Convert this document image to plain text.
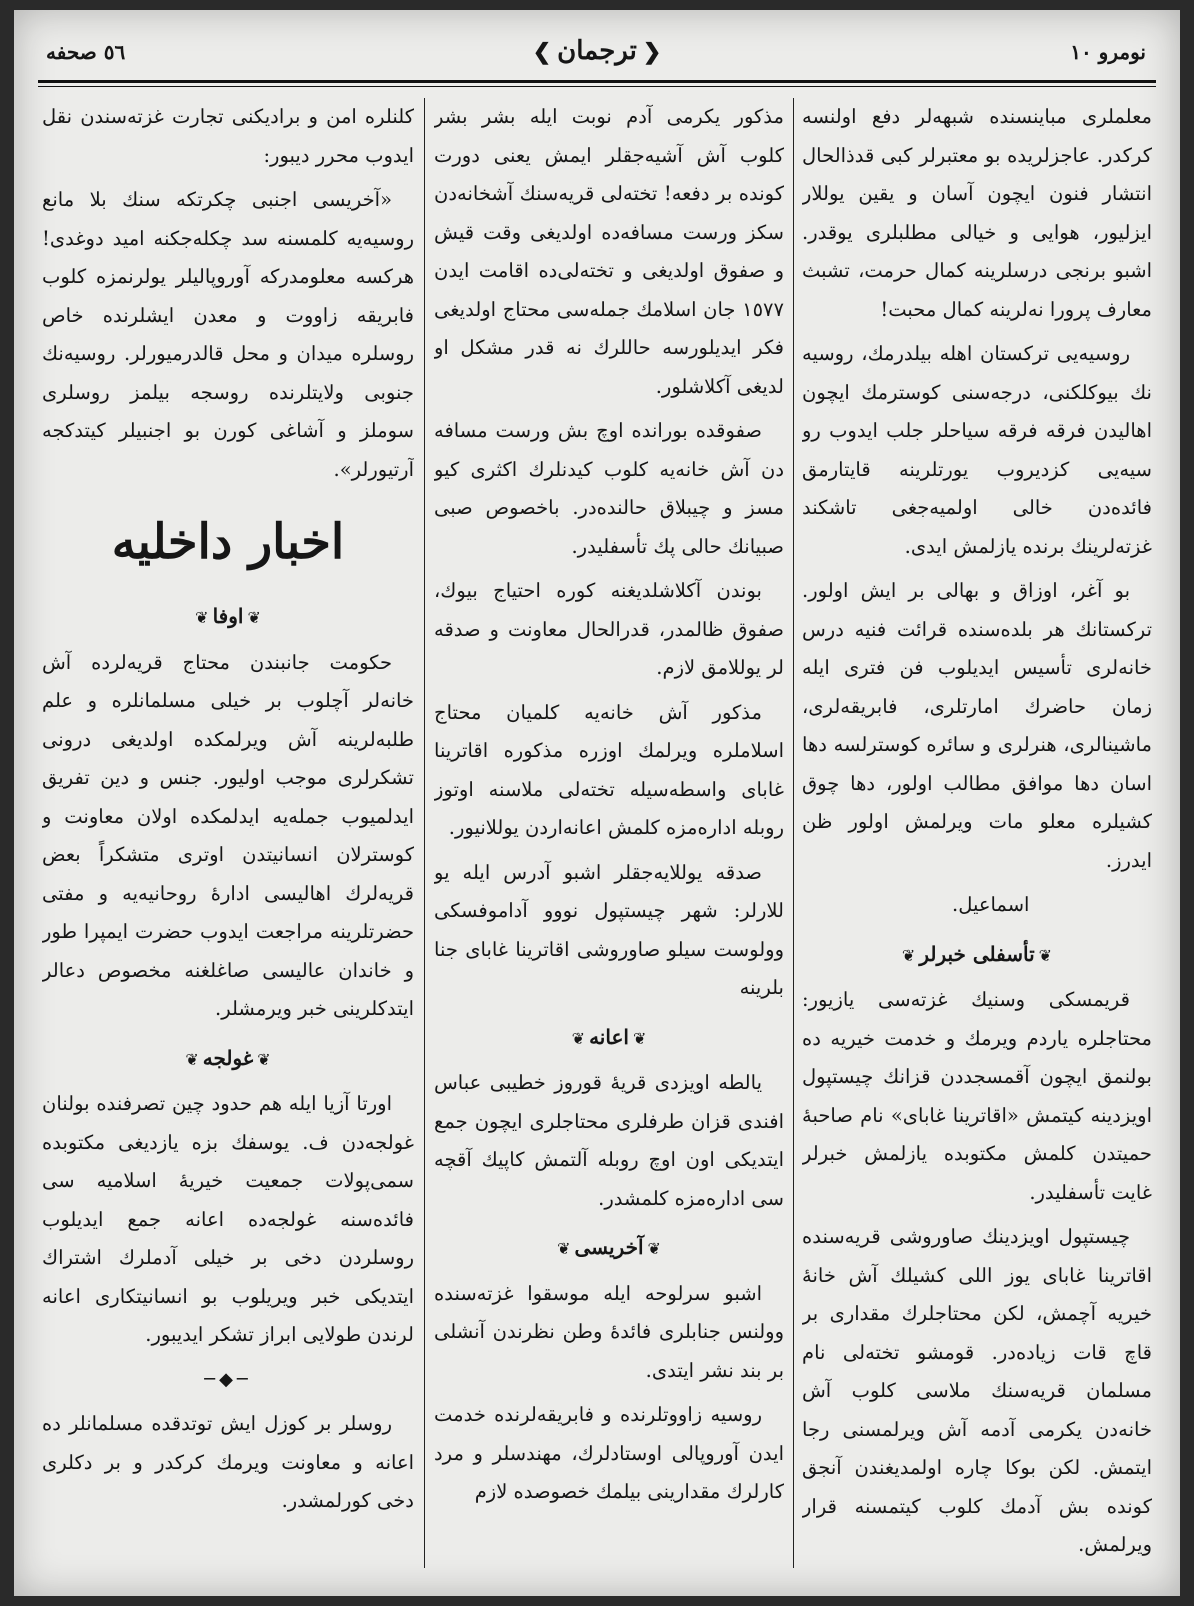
نومرو ١٠
❮ترجمان❯
٥٦ صحفه

معلملری مباینسنده شبهه‌لر دفع اولنسه کرکدر. عاجزلریده بو معتبرلر کبی قدذالحال انتشار فنون ایچون آسان و یقین یوللار ایزلیور، هوایی و خیالی مطلبلری یوقدر. اشبو برنجی درسلرینه کمال حرمت، تشبث معارف پرورا نه‌لرینه کمال محبت!

روسیه‌یی ترکستان اهله بیلدرمك، روسیه نك بیوکلکنی، درجه‌سنی کوسترمك ایچون اهالیدن فرقه فرقه سیاحلر جلب ایدوب رو سیه‌یی کزدیروب یورتلرینه قایتارمق فائده‌دن خالی اولمیه‌جغی تاشکند غزته‌لرینك برنده یازلمش ایدی.

بو آغر، اوزاق و بهالی بر ایش اولور. ترکستانك هر بلده‌سنده قرائت فنیه درس خانه‌لری تأسیس ایدیلوب فن فتری ایله زمان حاضرك امارتلری، فابریقه‌لری، ماشینالری، هنرلری و سائره کوسترلسه دها اسان دها موافق مطالب اولور، دها چوق کشیلره معلو مات ویرلمش اولور ظن ایدرز.

اسماعیل.
❦تأسفلی خبرلر❦

قریمسکی وسنیك غزته‌سی یازیور: محتاجلره یاردم ویرمك و خدمت خیریه ده بولنمق ایچون آقمسجددن قزانك چیستپول اویزدینه کیتمش «اقاترینا غابای» نام صاحبهٔ حمیتدن کلمش مکتوبده یازلمش خبرلر غایت تأسفلیدر.

چیستپول اویزدینك صاوروشی قریه‌سنده اقاترینا غابای یوز اللی کشیلك آش خانهٔ خیریه آچمش، لکن محتاجلرك مقداری بر قاچ قات زیاده‌در. قومشو تخته‌لی نام مسلمان قریه‌سنك ملاسی کلوب آش خانه‌دن یکرمی آدمه آش ویرلمسنی رجا ایتمش. لکن بوکا چاره اولمدیغندن آنجق کونده بش آدمك کلوب کیتمسنه قرار ویرلمش.

مذکور یکرمی آدم نوبت ایله بشر بشر کلوب آش آشیه‌جقلر ایمش یعنی دورت کونده بر دفعه! تخته‌لی قریه‌سنك آشخانه‌دن سکز ورست مسافه‌ده اولدیغی وقت قیش و صفوق اولدیغی و تخته‌لی‌ده اقامت ایدن ١٥٧٧ جان اسلامك جمله‌سی محتاج اولدیغی فکر ایدیلورسه حاللرك نه قدر مشکل او لدیغی آکلاشلور.

صفوقده بوراندە اوچ بش ورست مسافه دن آش خانه‌یه کلوب کیدنلرك اکثری کیو مسز و چیبلاق حالنده‌در. باخصوص صبی صبیانك حالی پك تأسفلیدر.

بوندن آکلاشلدیغنه کوره احتیاج بیوك، صفوق ظالمدر، قدرالحال معاونت و صدقه لر یوللامق لازم.

مذکور آش خانه‌یه کلمیان محتاج اسلاملره ویرلمك اوزره مذکوره اقاترینا غابای واسطه‌سیله تخته‌لی ملاسنه اوتوز روبله اداره‌مزه کلمش اعانه‌اردن یوللانیور.

صدقه یوللایه‌جقلر اشبو آدرس ایله یو للارلر: شهر چیستپول نووو آداموفسکی وولوست سیلو صاوروشی اقاترینا غابای جنا بلرینه

❦اعانه❦

یالطه اویزدی قریهٔ قوروز خطیبی عباس افندی قزان طرفلری محتاجلری ایچون جمع ایتدیکی اون اوچ روبله آلتمش کاپیك آقچه سی اداره‌مزه کلمشدر.

❦آخریسی❦

اشبو سرلوحه ایله موسقوا غزته‌سنده وولنس جنابلری فائدهٔ وطن نظرندن آنشلی بر بند نشر ایتدی.

روسیه زاووتلرنده و فابریقه‌لرنده خدمت ایدن آوروپالی اوستادلرك، مهندسلر و مرد کارلرك مقدارینی بیلمك خصوصده لازم

کلنلره امن و برادیکنی تجارت غزته‌سندن نقل ایدوب محرر دیبور:

«آخریسی اجنبی چکرتکه سنك بلا مانع روسیه‌یه کلمسنه سد چکله‌جکنه امید دوغدی! هرکسه معلومدرکه آوروپالیلر یولرنمزه کلوب فابریقه زاووت و معدن ایشلرنده خاص روسلره میدان و محل قالدرمیورلر. روسیه‌نك جنوبی ولایتلرنده روسجه بیلمز روسلری سوملز و آشاغی کورن بو اجنبیلر کیتدکجه آرتیورلر».

اخبار داخلیه
❦اوفا❦

حکومت جانبندن محتاج قریه‌لرده آش خانه‌لر آچلوب بر خیلی مسلمانلره و علم طلبه‌لرینه آش ویرلمکده اولدیغی درونی تشکرلری موجب اولیور. جنس و دین تفریق ایدلمیوب جمله‌یه ایدلمکده اولان معاونت و کوسترلان انسانیتدن اوتری متشکراً بعض قریه‌لرك اهالیسی ادارهٔ روحانیه‌یه و مفتی حضرتلرینه مراجعت ایدوب حضرت ایمپرا طور و خاندان عالیسی صاغلغنه مخصوص دعالر ایتدکلرینی خبر ویرمشلر.

❦غولجه❦

اورتا آزیا ایله هم حدود چین تصرفنده بولنان غولجه‌دن ف. یوسفك بزه یازدیغی مکتوبده سمی‌پولات جمعیت خیریهٔ اسلامیه سی فائده‌سنه غولجه‌ده اعانه جمع ایدیلوب روسلردن دخی بر خیلی آدملرك اشتراك ایتدیکی خبر ویریلوب بو انسانیتکاری اعانه لرندن طولایی ابراز تشکر ایدیبور.

─◆─

روسلر بر کوزل ایش توتدقده مسلمانلر ده اعانه و معاونت ویرمك کرکدر و بر دکلری دخی کورلمشدر.
